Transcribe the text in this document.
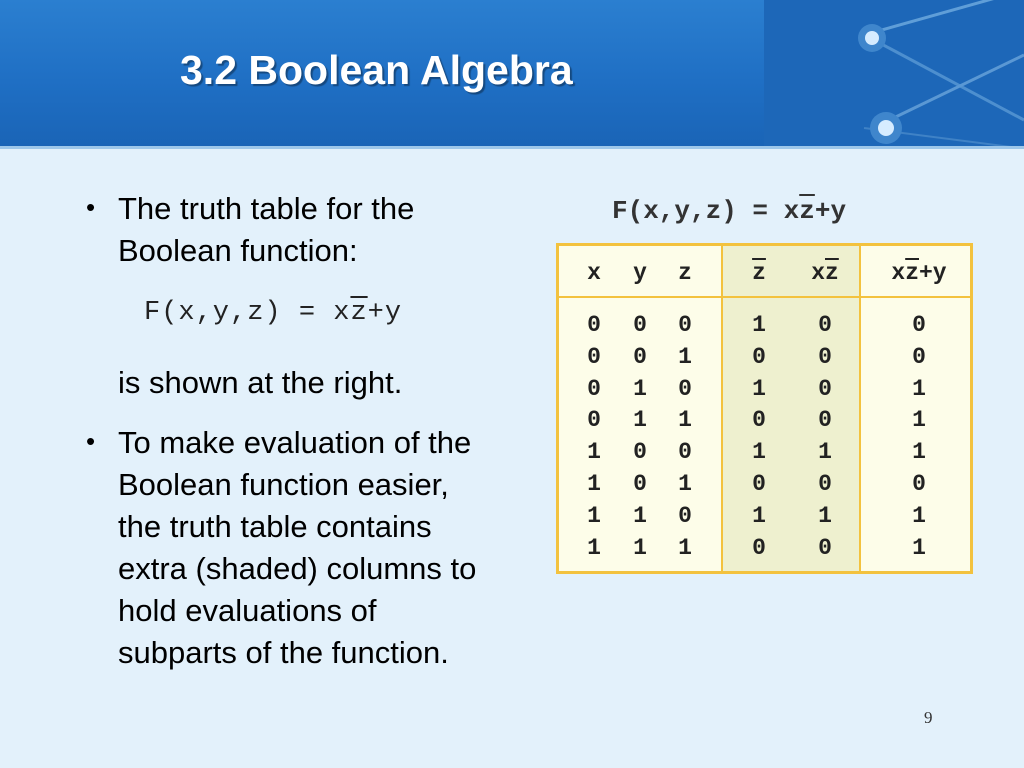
3.2 Boolean Algebra
• The truth table for the
Boolean function:
$F(x,y,z) = x\overline{z}+y$
is shown at the right.
• To make evaluation of the
Boolean function easier,
the truth table contains
extra (shaded) columns to
hold evaluations of
subparts of the function.
$F(x,y,z) = x\overline{z}+y$
x	y	z	$\overline{z}$	$x\overline{z}$	$x\overline{z}+y$
0	0	0	1	0	0
0	0	1	0	0	0
0	1	0	1	0	1
0	1	1	0	0	1
1	0	0	1	1	1
1	0	1	0	0	0
1	1	0	1	1	1
1	1	1	0	0	1
9
